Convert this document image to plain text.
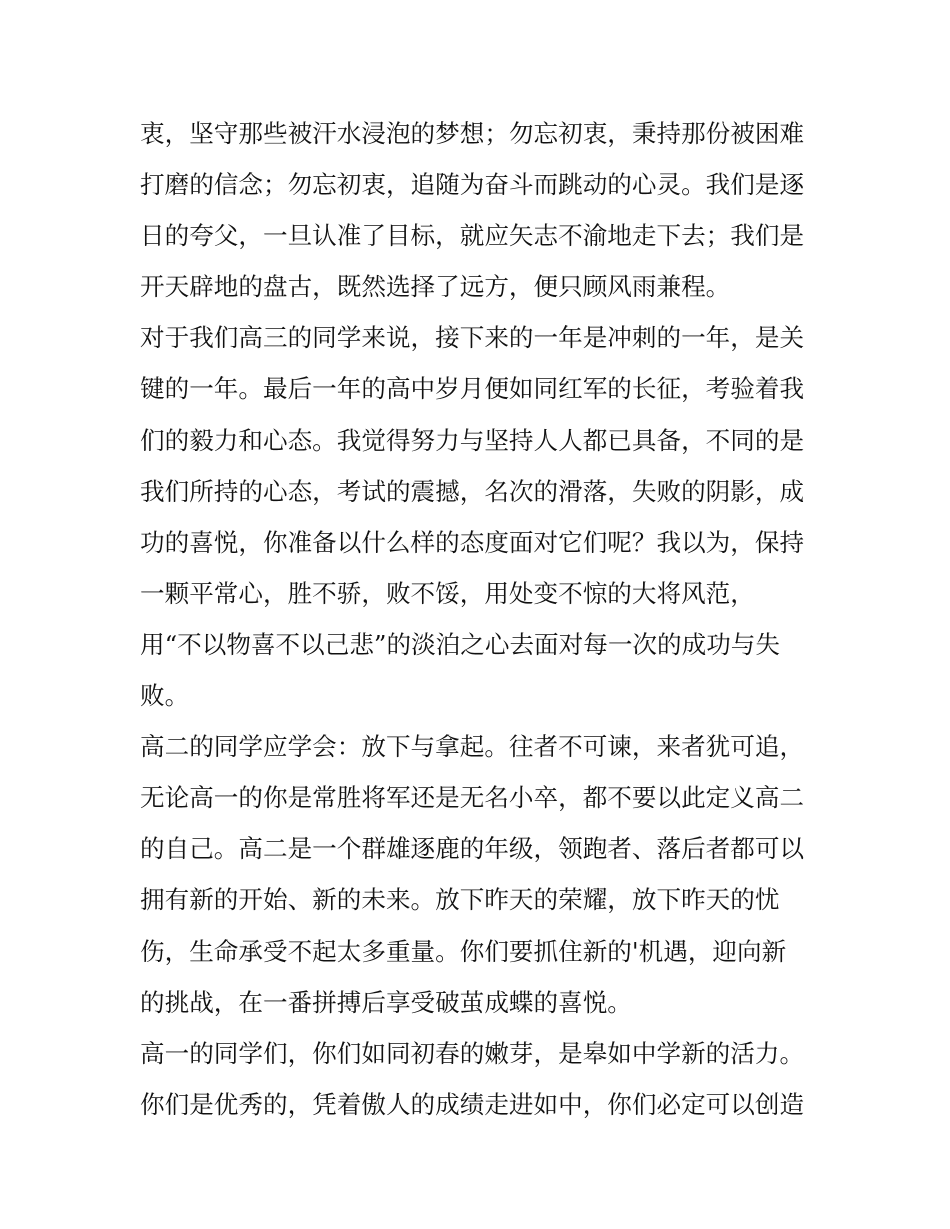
衷，坚守那些被汗水浸泡的梦想；勿忘初衷，秉持那份被困难
打磨的信念；勿忘初衷，追随为奋斗而跳动的心灵。我们是逐
日的夸父，一旦认准了目标，就应矢志不渝地走下去；我们是
开天辟地的盘古，既然选择了远方，便只顾风雨兼程。
对于我们高三的同学来说，接下来的一年是冲刺的一年，是关
键的一年。最后一年的高中岁月便如同红军的长征，考验着我
们的毅力和心态。我觉得努力与坚持人人都已具备，不同的是
我们所持的心态，考试的震撼，名次的滑落，失败的阴影，成
功的喜悦，你准备以什么样的态度面对它们呢？我以为，保持
一颗平常心，胜不骄，败不馁，用处变不惊的大将风范，
用“不以物喜不以己悲”的淡泊之心去面对每一次的成功与失
败。
高二的同学应学会：放下与拿起。往者不可谏，来者犹可追，
无论高一的你是常胜将军还是无名小卒，都不要以此定义高二
的自己。高二是一个群雄逐鹿的年级，领跑者、落后者都可以
拥有新的开始、新的未来。放下昨天的荣耀，放下昨天的忧
伤，生命承受不起太多重量。你们要抓住新的'机遇，迎向新
的挑战，在一番拼搏后享受破茧成蝶的喜悦。
高一的同学们，你们如同初春的嫩芽，是皋如中学新的活力。
你们是优秀的，凭着傲人的成绩走进如中，你们必定可以创造
